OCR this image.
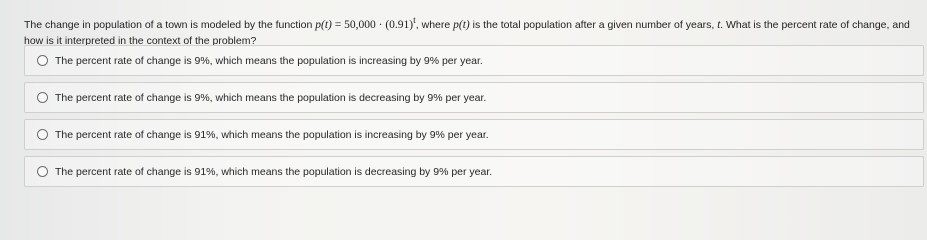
The change in population of a town is modeled by the function $p(t) = 50,000 \cdot (0.91)^t$, where p(t) is the total population after a given number of years, t. What is the percent rate of change, and how is it interpreted in the context of the problem?
The percent rate of change is 9%, which means the population is increasing by 9% per year.
The percent rate of change is 9%, which means the population is decreasing by 9% per year.
The percent rate of change is 91%, which means the population is increasing by 9% per year.
The percent rate of change is 91%, which means the population is decreasing by 9% per year.
